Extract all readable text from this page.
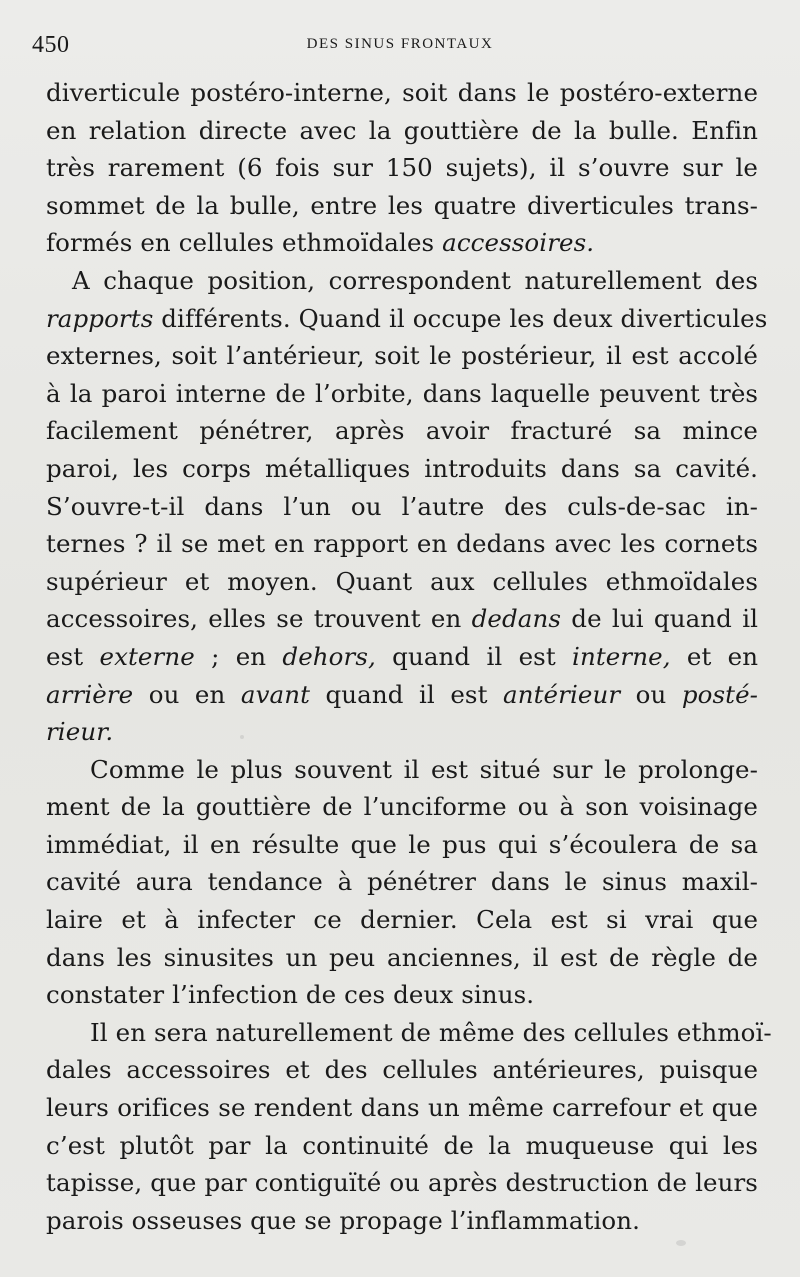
450	DES SINUS FRONTAUX

diverticule postéro-interne, soit dans le postéro-externe
en relation directe avec la gouttière de la bulle. Enfin
très rarement (6 fois sur 150 sujets), il s’ouvre sur le
sommet de la bulle, entre les quatre diverticules trans-
formés en cellules ethmoïdales accessoires.

A chaque position, correspondent naturellement des
rapports différents. Quand il occupe les deux diverticules
externes, soit l’antérieur, soit le postérieur, il est accolé
à la paroi interne de l’orbite, dans laquelle peuvent très
facilement pénétrer, après avoir fracturé sa mince
paroi, les corps métalliques introduits dans sa cavité.
S’ouvre-t-il dans l’un ou l’autre des culs-de-sac in-
ternes ? il se met en rapport en dedans avec les cornets
supérieur et moyen. Quant aux cellules ethmoïdales
accessoires, elles se trouvent en dedans de lui quand il
est externe ; en dehors, quand il est interne, et en
arrière ou en avant quand il est antérieur ou posté-
rieur.

Comme le plus souvent il est situé sur le prolonge-
ment de la gouttière de l’unciforme ou à son voisinage
immédiat, il en résulte que le pus qui s’écoulera de sa
cavité aura tendance à pénétrer dans le sinus maxil-
laire et à infecter ce dernier. Cela est si vrai que
dans les sinusites un peu anciennes, il est de règle de
constater l’infection de ces deux sinus.

Il en sera naturellement de même des cellules ethmoï-
dales accessoires et des cellules antérieures, puisque
leurs orifices se rendent dans un même carrefour et que
c’est plutôt par la continuité de la muqueuse qui les
tapisse, que par contiguïté ou après destruction de leurs
parois osseuses que se propage l’inflammation.
